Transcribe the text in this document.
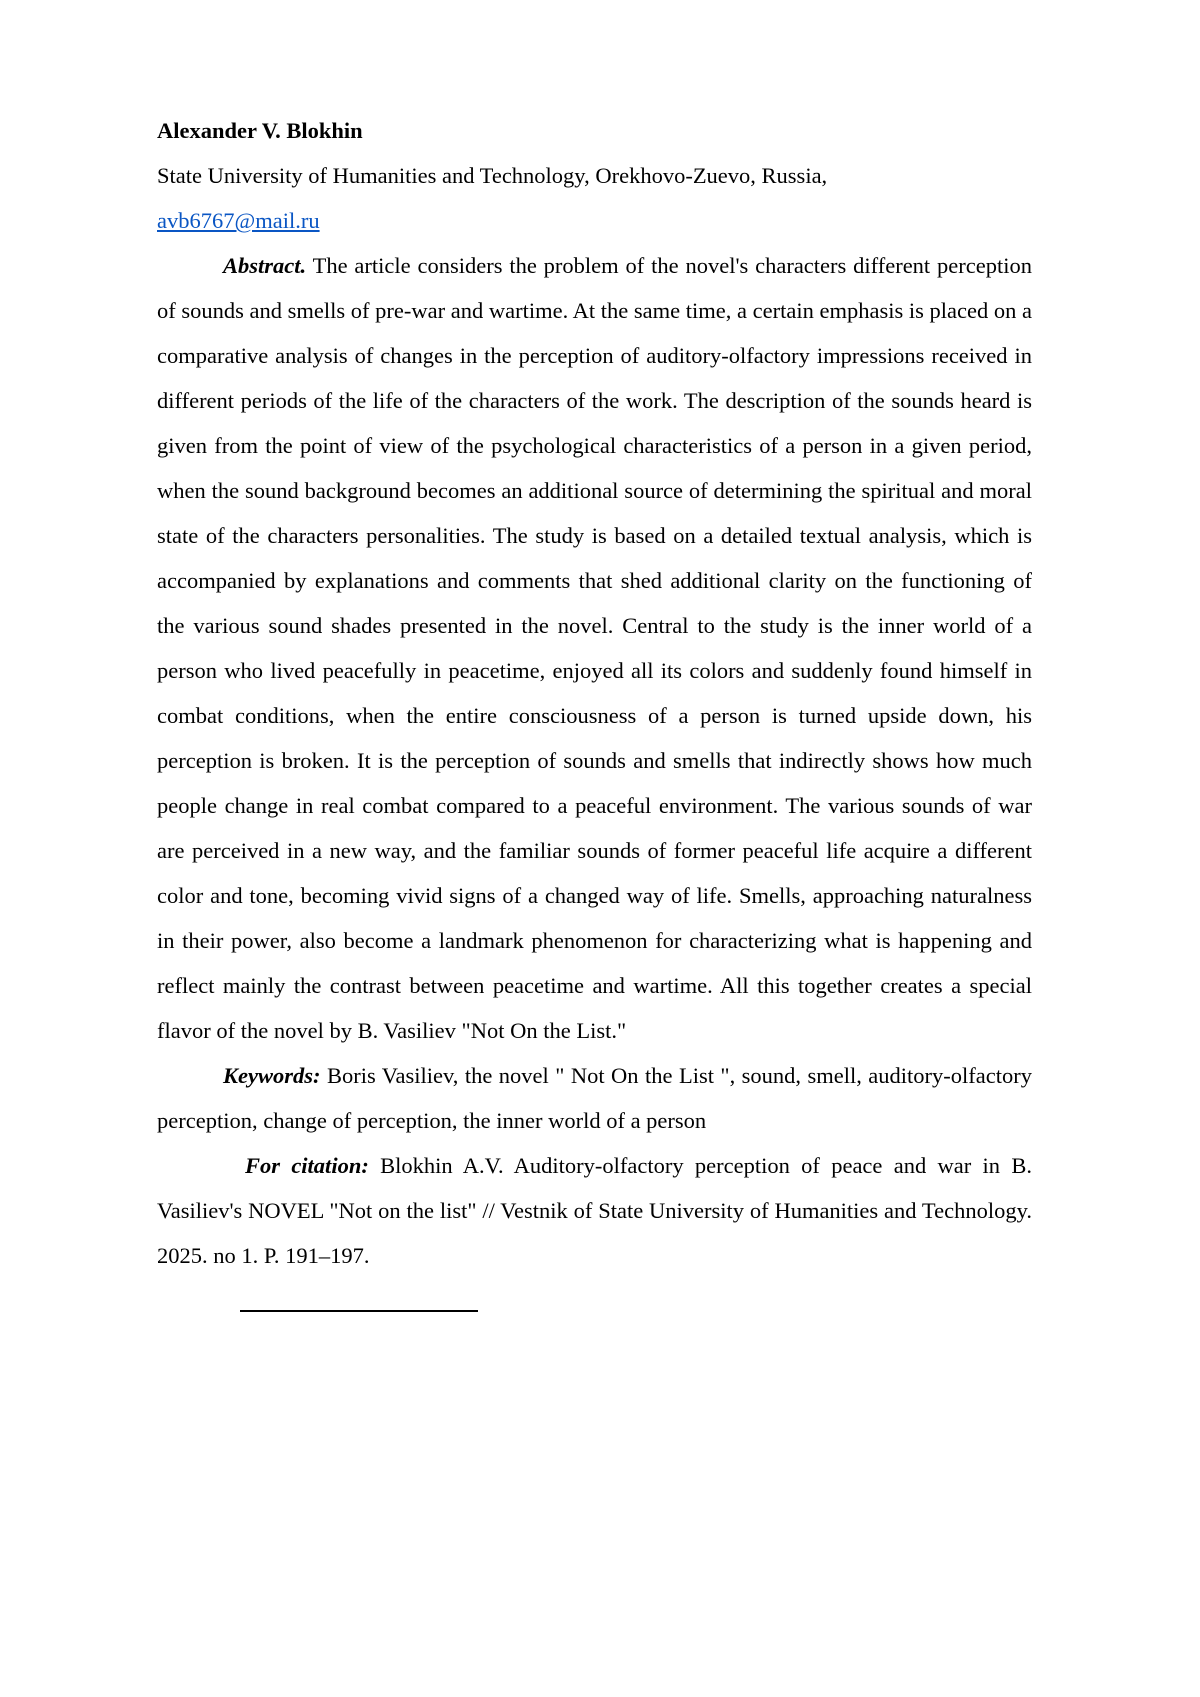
Alexander V. Blokhin

State University of Humanities and Technology, Orekhovo-Zuevo, Russia,

avb6767@mail.ru

Abstract. The article considers the problem of the novel's characters different perception of sounds and smells of pre-war and wartime. At the same time, a certain emphasis is placed on a comparative analysis of changes in the perception of auditory-olfactory impressions received in different periods of the life of the characters of the work. The description of the sounds heard is given from the point of view of the psychological characteristics of a person in a given period, when the sound background becomes an additional source of determining the spiritual and moral state of the characters personalities. The study is based on a detailed textual analysis, which is accompanied by explanations and comments that shed additional clarity on the functioning of the various sound shades presented in the novel. Central to the study is the inner world of a person who lived peacefully in peacetime, enjoyed all its colors and suddenly found himself in combat conditions, when the entire consciousness of a person is turned upside down, his perception is broken. It is the perception of sounds and smells that indirectly shows how much people change in real combat compared to a peaceful environment. The various sounds of war are perceived in a new way, and the familiar sounds of former peaceful life acquire a different color and tone, becoming vivid signs of a changed way of life. Smells, approaching naturalness in their power, also become a landmark phenomenon for characterizing what is happening and reflect mainly the contrast between peacetime and wartime. All this together creates a special flavor of the novel by B. Vasiliev "Not On the List."

Keywords: Boris Vasiliev, the novel " Not On the List ", sound, smell, auditory-olfactory perception, change of perception, the inner world of a person

For citation: Blokhin A.V. Auditory-olfactory perception of peace and war in B. Vasiliev's NOVEL "Not on the list" // Vestnik of State University of Humanities and Technology. 2025. no 1. P. 191–197.
